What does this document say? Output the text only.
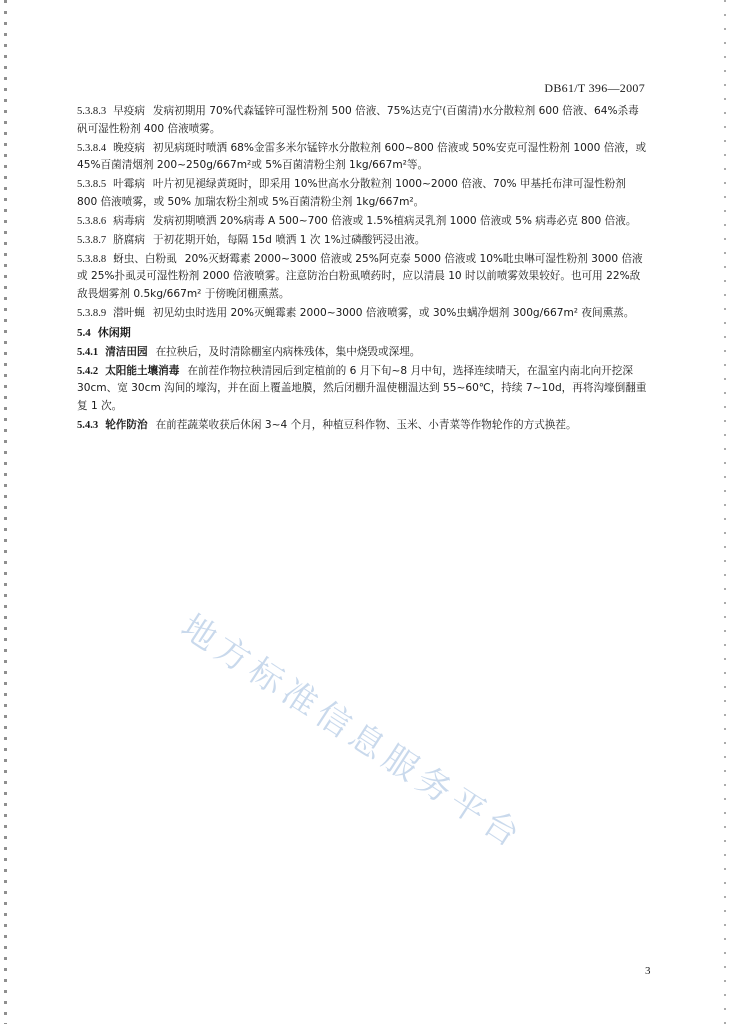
DB61/T 396—2007

5.3.8.3 早疫病 发病初期用 70%代森锰锌可湿性粉剂 500 倍液、75%达克宁(百菌清)水分散粒剂 600 倍液、64%杀毒矾可湿性粉剂 400 倍液喷雾。

5.3.8.4 晚疫病 初见病斑时喷洒 68%金雷多米尔锰锌水分散粒剂 600~800 倍液或 50%安克可湿性粉剂 1000 倍液，或 45%百菌清烟剂 200~250g/667m²或 5%百菌清粉尘剂 1kg/667m²等。

5.3.8.5 叶霉病 叶片初见褪绿黄斑时，即采用 10%世高水分散粒剂 1000~2000 倍液、70% 甲基托布津可湿性粉剂 800 倍液喷雾，或 50% 加瑞农粉尘剂或 5%百菌清粉尘剂 1kg/667m²。

5.3.8.6 病毒病 发病初期喷洒 20%病毒 A 500~700 倍液或 1.5%植病灵乳剂 1000 倍液或 5% 病毒必克 800 倍液。

5.3.8.7 脐腐病 于初花期开始，每隔 15d 喷洒 1 次 1%过磷酸钙浸出液。

5.3.8.8 蚜虫、白粉虱 20%灭蚜霉素 2000~3000 倍液或 25%阿克泰 5000 倍液或 10%吡虫啉可湿性粉剂 3000 倍液或 25%扑虱灵可湿性粉剂 2000 倍液喷雾。注意防治白粉虱喷药时，应以清晨 10 时以前喷雾效果较好。也可用 22%敌敌畏烟雾剂 0.5kg/667m² 于傍晚闭棚熏蒸。

5.3.8.9 潜叶蝇 初见幼虫时选用 20%灭蝇霉素 2000~3000 倍液喷雾，或 30%虫螨净烟剂 300g/667m² 夜间熏蒸。

5.4 休闲期

5.4.1 清洁田园 在拉秧后，及时清除棚室内病株残体，集中烧毁或深埋。

5.4.2 太阳能土壤消毒 在前茬作物拉秧清园后到定植前的 6 月下旬~8 月中旬，选择连续晴天，在温室内南北向开挖深 30cm、宽 30cm 沟间的壕沟，并在面上覆盖地膜，然后闭棚升温使棚温达到 55~60℃，持续 7~10d，再将沟壕倒翻重复 1 次。

5.4.3 轮作防治 在前茬蔬菜收获后休闲 3~4 个月，种植豆科作物、玉米、小青菜等作物轮作的方式换茬。

地方标准信息服务平台
3
